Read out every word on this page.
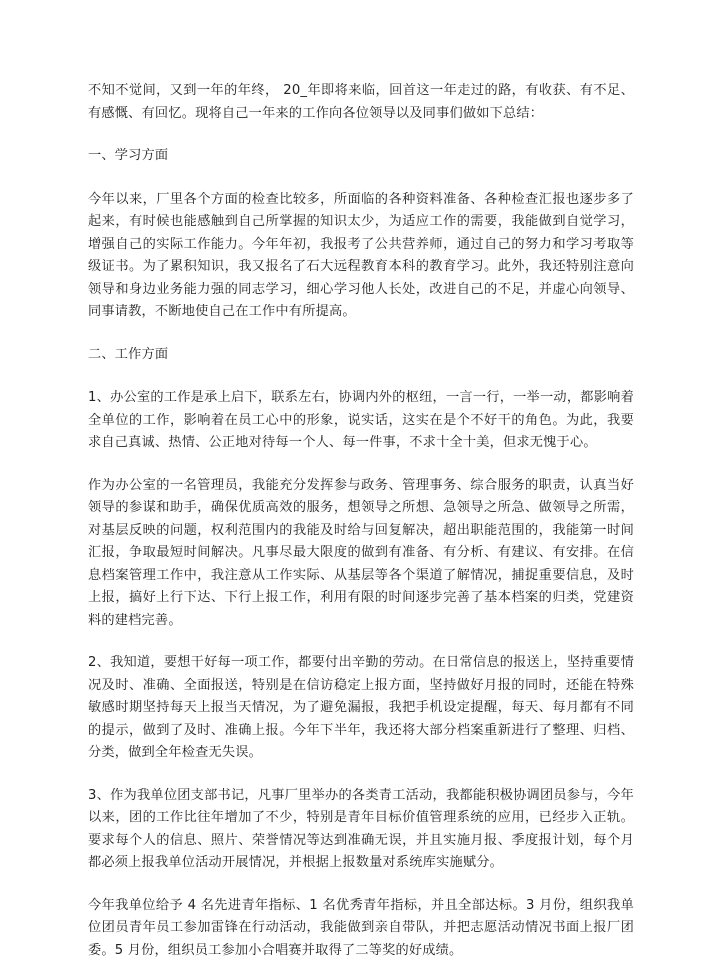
不知不觉间，又到一年的年终， 20_年即将来临，回首这一年走过的路，有收获、有不足、有感慨、有回忆。现将自己一年来的工作向各位领导以及同事们做如下总结：

一、学习方面

今年以来，厂里各个方面的检查比较多，所面临的各种资料准备、各种检查汇报也逐步多了起来，有时候也能感触到自己所掌握的知识太少，为适应工作的需要，我能做到自觉学习，增强自己的实际工作能力。今年年初，我报考了公共营养师，通过自己的努力和学习考取等级证书。为了累积知识，我又报名了石大远程教育本科的教育学习。此外，我还特别注意向领导和身边业务能力强的同志学习，细心学习他人长处，改进自己的不足，并虚心向领导、同事请教，不断地使自己在工作中有所提高。

二、工作方面

1、办公室的工作是承上启下，联系左右，协调内外的枢纽，一言一行，一举一动，都影响着全单位的工作，影响着在员工心中的形象，说实话，这实在是个不好干的角色。为此，我要求自己真诚、热情、公正地对待每一个人、每一件事，不求十全十美，但求无愧于心。

作为办公室的一名管理员，我能充分发挥参与政务、管理事务、综合服务的职责，认真当好领导的参谋和助手，确保优质高效的服务，想领导之所想、急领导之所急、做领导之所需，对基层反映的问题，权利范围内的我能及时给与回复解决，超出职能范围的，我能第一时间汇报，争取最短时间解决。凡事尽最大限度的做到有准备、有分析、有建议、有安排。在信息档案管理工作中，我注意从工作实际、从基层等各个渠道了解情况，捕捉重要信息，及时上报，搞好上行下达、下行上报工作，利用有限的时间逐步完善了基本档案的归类，党建资料的建档完善。

2、我知道，要想干好每一项工作，都要付出辛勤的劳动。在日常信息的报送上，坚持重要情况及时、准确、全面报送，特别是在信访稳定上报方面，坚持做好月报的同时，还能在特殊敏感时期坚持每天上报当天情况，为了避免漏报，我把手机设定提醒，每天、每月都有不同的提示，做到了及时、准确上报。今年下半年，我还将大部分档案重新进行了整理、归档、分类，做到全年检查无失误。

3、作为我单位团支部书记，凡事厂里举办的各类青工活动，我都能积极协调团员参与，今年以来，团的工作比往年增加了不少，特别是青年目标价值管理系统的应用，已经步入正轨。要求每个人的信息、照片、荣誉情况等达到准确无误，并且实施月报、季度报计划，每个月都必须上报我单位活动开展情况，并根据上报数量对系统库实施赋分。

今年我单位给予 4 名先进青年指标、1 名优秀青年指标，并且全部达标。3 月份，组织我单位团员青年员工参加雷锋在行动活动，我能做到亲自带队，并把志愿活动情况书面上报厂团委。5 月份，组织员工参加小合唱赛并取得了二等奖的好成绩。
